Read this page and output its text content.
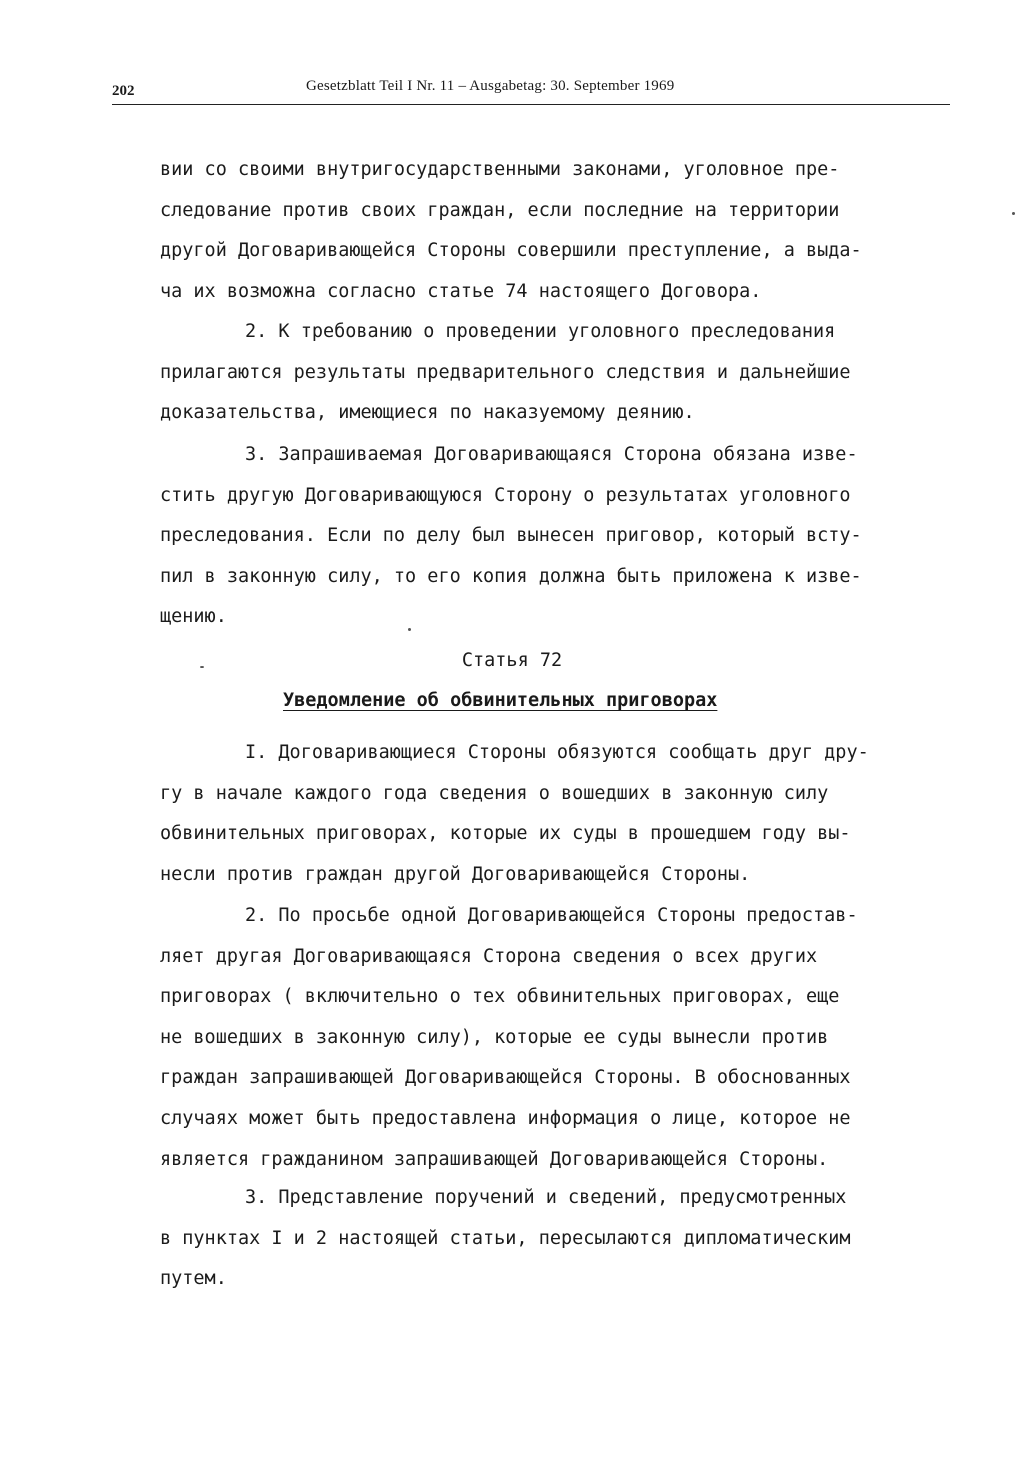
202	Gesetzblatt Teil I Nr. 11 – Ausgabetag: 30. September 1969
вии со своими внутригосударственными законами, уголовное пре-
следование против своих граждан, если последние на территории
другой Договаривающейся Стороны совершили преступление, а выда-
ча их возможна согласно статье 74 настоящего Договора.
2. К требованию о проведении уголовного преследования
прилагаются результаты предварительного следствия и дальнейшие
доказательства, имеющиеся по наказуемому деянию.
3. Запрашиваемая Договаривающаяся Сторона обязана изве-
стить другую Договаривающуюся Сторону о результатах уголовного
преследования. Если по делу был вынесен приговор, который всту-
пил в законную силу, то его копия должна быть приложена к изве-
щению.
Статья 72
Уведомление об обвинительных приговорах
I. Договаривающиеся Стороны обязуются сообщать друг дру-
гу в начале каждого года сведения о вошедших в законную силу
обвинительных приговорах, которые их суды в прошедшем году вы-
несли против граждан другой Договаривающейся Стороны.
2. По просьбе одной Договаривающейся Стороны предостав-
ляет другая Договаривающаяся Сторона сведения о всех других
приговорах ( включительно о тех обвинительных приговорах, еще
не вошедших в законную силу), которые ее суды вынесли против
граждан запрашивающей Договаривающейся Стороны. В обоснованных
случаях может быть предоставлена информация о лице, которое не
является гражданином запрашивающей Договаривающейся Стороны.
3. Представление поручений и сведений, предусмотренных
в пунктах I и 2 настоящей статьи, пересылаются дипломатическим
путем.
